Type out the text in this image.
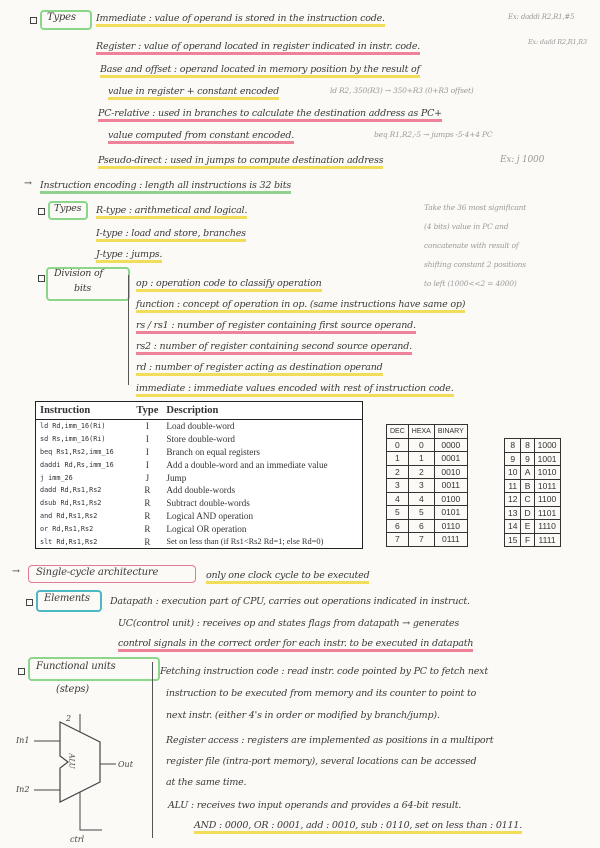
Types Immediate : value of operand is stored in the instruction code.	Ex: daddi R2,R1,#5
Register : value of operand located in register indicated in instr. code.	Ex: dadd R2,R1,R3
Base and offset : operand located in memory position by the result of
value in register + constant encoded	ld R2, 350(R3) → 350+R3 (0+R3 offset)
PC-relative : used in branches to calculate the destination address as PC+
value computed from constant encoded.	beq R1,R2,-5 → jumps -5·4+4 PC
Pseudo-direct : used in jumps to compute destination address	Ex: j 1000
→ Instruction encoding : length all instructions is 32 bits
Take the 36 most significant
(4 bits) value in PC and
concatenate with result of
shifting constant 2 positions
to left (1000<<2 = 4000)
Types R-type : arithmetical and logical.
I-type : load and store, branches
J-type : jumps.
Division of
bits	op : operation code to classify operation
function : concept of operation in op. (same instructions have same op)
rs / rs1 : number of register containing first source operand.
rs2 : number of register containing second source operand.
rd : number of register acting as destination operand
immediate : immediate values encoded with rest of instruction code.
Instruction	Type	Description
ld Rd,imm_16(Ri)	I	Load double-word
sd Rs,imm_16(Ri)	I	Store double-word
beq Rs1,Rs2,imm_16	I	Branch on equal registers
daddi Rd,Rs,imm_16	I	Add a double-word and an immediate value
j imm_26	J	Jump
dadd Rd,Rs1,Rs2	R	Add double-words
dsub Rd,Rs1,Rs2	R	Subtract double-words
and Rd,Rs1,Rs2	R	Logical AND operation
or Rd,Rs1,Rs2	R	Logical OR operation
slt Rd,Rs1,Rs2	R	Set on less than (if Rs1<Rs2 Rd=1; else Rd=0)
DEC	HEXA	BINARY
0	0	0000
1	1	0001
2	2	0010
3	3	0011
4	4	0100
5	5	0101
6	6	0110
7	7	0111
8	8	1000
9	9	1001
10	A	1010
11	B	1011
12	C	1100
13	D	1101
14	E	1110
15	F	1111
→ Single-cycle architecture	only one clock cycle to be executed
Elements Datapath : execution part of CPU, carries out operations indicated in instruct.
UC(control unit) : receives op and states flags from datapath → generates
control signals in the correct order for each instr. to be executed in datapath
Functional units
(steps)
Fetching instruction code : read instr. code pointed by PC to fetch next
instruction to be executed from memory and its counter to point to
next instr. (either 4's in order or modified by branch/jump).
Register access : registers are implemented as positions in a multiport
register file (intra-port memory), several locations can be accessed
at the same time.
ALU : receives two input operands and provides a 64-bit result.
AND : 0000, OR : 0001, add : 0010, sub : 0110, set on less than : 0111.
2
In1
In2
Out
ALU
ctrl
